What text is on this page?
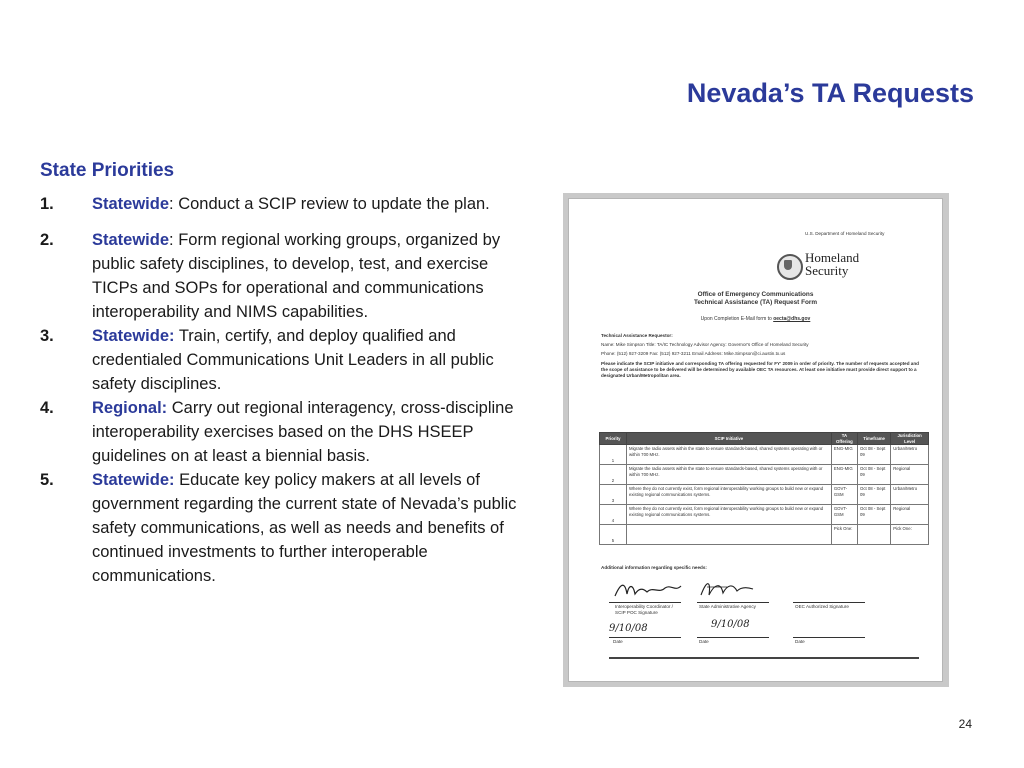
Nevada’s TA Requests
State Priorities
1.	Statewide: Conduct a SCIP review to update the plan.
2.	Statewide: Form regional working groups, organized by public safety disciplines, to develop, test, and exercise TICPs and SOPs for operational and communications interoperability and NIMS capabilities.
3.	Statewide: Train, certify, and deploy qualified and credentialed Communications Unit Leaders in all public safety disciplines.
4.	Regional: Carry out regional interagency, cross-discipline interoperability exercises based on the DHS HSEEP guidelines on at least a biennial basis.
5.	Statewide: Educate key policy makers at all levels of government regarding the current state of Nevada’s public safety communications, as well as needs and benefits of continued investments to further interoperable communications.
U.S. Department of Homeland Security
Homeland
Security
Office of Emergency Communications
Technical Assistance (TA) Request Form
Upon Completion E-Mail form to oecta@dhs.gov
Technical Assistance Requestor:
Name: Mike Simpson Title: TA/IC Technology Advisor Agency: Governor's Office of Homeland Security
Phone: (512) 927-3209 Fax: (512) 927-3211 Email Address: Mike.Simpson@ci.austin.tx.us
Please indicate the SCIP initiative and corresponding TA offering requested for FY' 2009 in order of priority. The number of requests accepted and the scope of assistance to be delivered will be determined by available OEC TA resources. At least one initiative must provide direct support to a designated Urban/Metropolitan area.
Priority	SCIP Initiative	TA Offering	Timeframe	Jurisdiction Level
1	Migrate the radio assets within the state to ensure standards-based, shared systems operating with or within 700 MHz.	ENG-MIG	Oct 08 - Sept 09	Urban/Metro
2	Migrate the radio assets within the state to ensure standards-based, shared systems operating with or within 700 MHz.	ENG-MIG	Oct 08 - Sept 09	Regional
3	Where they do not currently exist, form regional interoperability working groups to build new or expand existing regional communications systems.	GOVT-GSM	Oct 08 - Sept 09	Urban/Metro
4	Where they do not currently exist, form regional interoperability working groups to build new or expand existing regional communications systems.	GOVT-GSM	Oct 08 - Sept 09	Regional
5		Pick One:		Pick One:
Additional information regarding specific needs:
Interoperability Coordinator / SCIP POC Signature
State Administrative Agency	OEC Authorized Signature
9/10/08	9/10/08
Date	Date	Date
24
